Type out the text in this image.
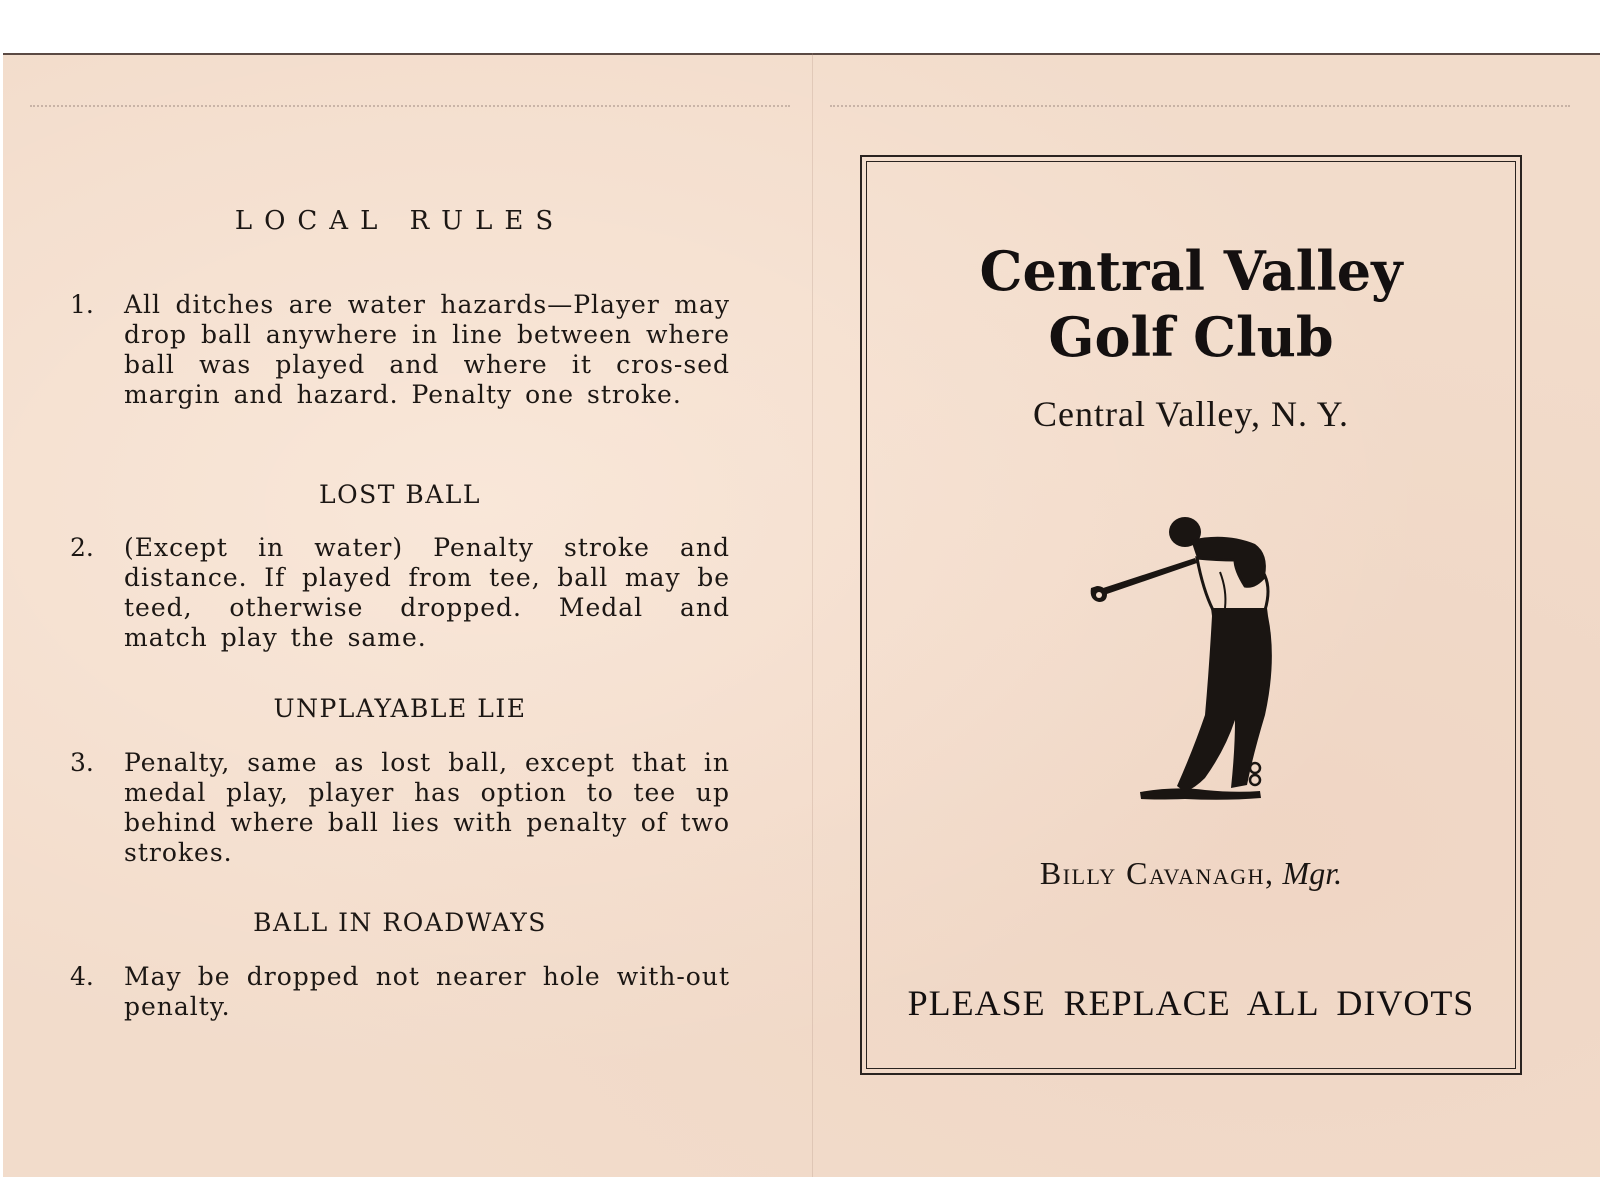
LOCAL RULES
1. All ditches are water hazards—Player may drop ball anywhere in line between where ball was played and where it cros-sed margin and hazard. Penalty one stroke.
LOST BALL
2. (Except in water) Penalty stroke and distance. If played from tee, ball may be teed, otherwise dropped. Medal and match play the same.
UNPLAYABLE LIE
3. Penalty, same as lost ball, except that in medal play, player has option to tee up behind where ball lies with penalty of two strokes.
BALL IN ROADWAYS
4. May be dropped not nearer hole with-out penalty.
Central Valley
Golf Club
Central Valley, N. Y.
Billy Cavanagh, Mgr.
PLEASE REPLACE ALL DIVOTS
